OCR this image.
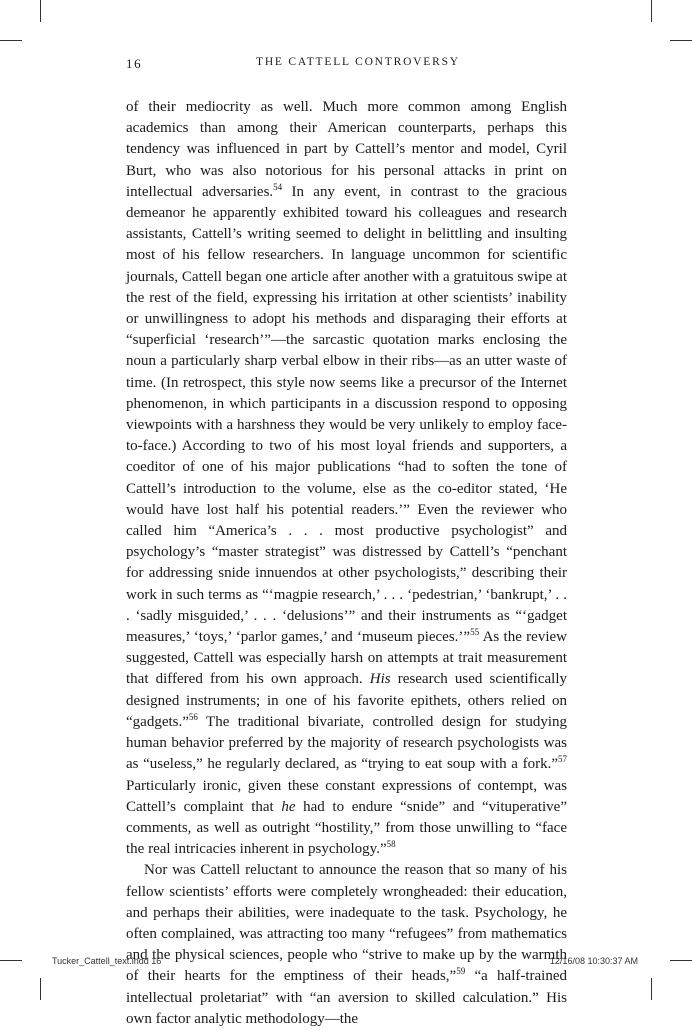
16	THE CATTELL CONTROVERSY

of their mediocrity as well. Much more common among English academics than among their American counterparts, perhaps this tendency was influenced in part by Cattell’s mentor and model, Cyril Burt, who was also notorious for his personal attacks in print on intellectual adversaries.$^{54}$ In any event, in contrast to the gracious demeanor he apparently exhibited toward his colleagues and research assistants, Cattell’s writing seemed to delight in belittling and insulting most of his fellow researchers. In language uncommon for scientific journals, Cattell began one article after another with a gratuitous swipe at the rest of the field, expressing his irritation at other scientists’ inability or unwillingness to adopt his methods and disparaging their efforts at “superficial ‘research’”—the sarcastic quotation marks enclosing the noun a particularly sharp verbal elbow in their ribs—as an utter waste of time. (In retrospect, this style now seems like a precursor of the Internet phenomenon, in which participants in a discussion respond to opposing viewpoints with a harshness they would be very unlikely to employ face-to-face.) According to two of his most loyal friends and supporters, a coeditor of one of his major publications “had to soften the tone of Cattell’s introduction to the volume, else as the co-editor stated, ‘He would have lost half his potential readers.’” Even the reviewer who called him “America’s . . . most productive psychologist” and psychology’s “master strategist” was distressed by Cattell’s “penchant for addressing snide innuendos at other psychologists,” describing their work in such terms as “‘magpie research,’ . . . ‘pedestrian,’ ‘bankrupt,’ . . . ‘sadly misguided,’ . . . ‘delusions’” and their instruments as “‘gadget measures,’ ‘toys,’ ‘parlor games,’ and ‘museum pieces.’”$^{55}$ As the review suggested, Cattell was especially harsh on attempts at trait measurement that differed from his own approach. His research used scientifically designed instruments; in one of his favorite epithets, others relied on “gadgets.”$^{56}$ The traditional bivariate, controlled design for studying human behavior preferred by the majority of research psychologists was as “useless,” he regularly declared, as “trying to eat soup with a fork.”$^{57}$ Particularly ironic, given these constant expressions of contempt, was Cattell’s complaint that he had to endure “snide” and “vituperative” comments, as well as outright “hostility,” from those unwilling to “face the real intricacies inherent in psychology.”$^{58}$

Nor was Cattell reluctant to announce the reason that so many of his fellow scientists’ efforts were completely wrongheaded: their education, and perhaps their abilities, were inadequate to the task. Psychology, he often complained, was attracting too many “refugees” from mathematics and the physical sciences, people who “strive to make up by the warmth of their hearts for the emptiness of their heads,”$^{59}$ “a half-trained intellectual proletariat” with “an aversion to skilled calculation.” His own factor analytic methodology—the

Tucker_Cattell_text.indd 16	12/16/08 10:30:37 AM
